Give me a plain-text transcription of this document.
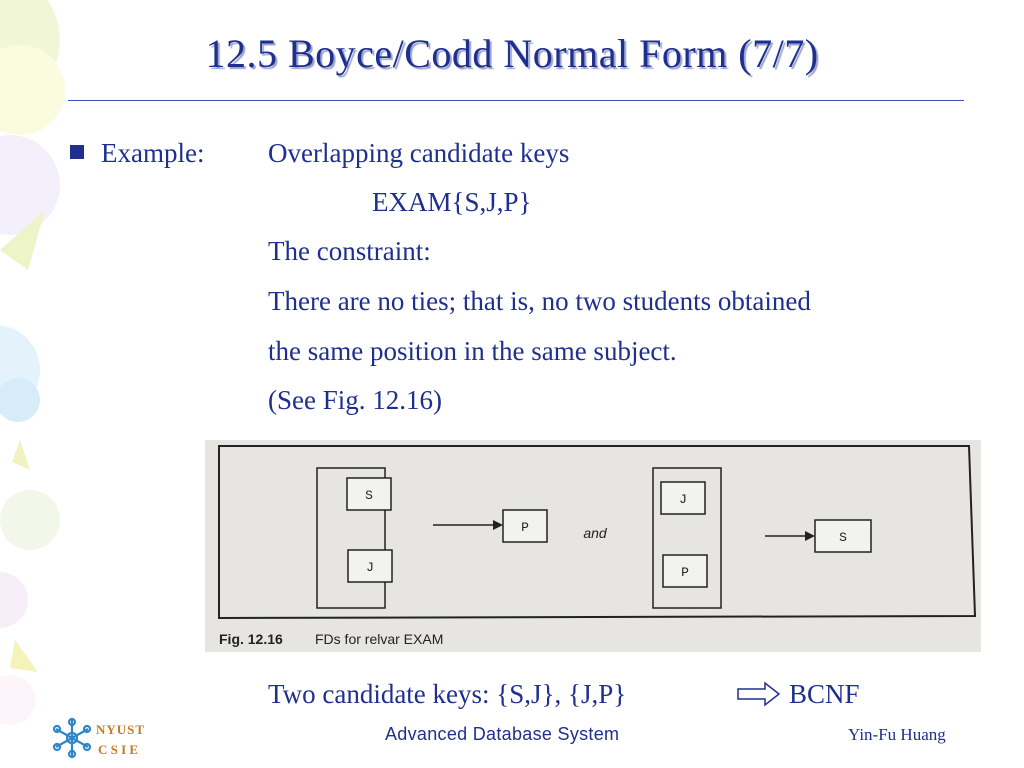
12.5 Boyce/Codd Normal Form (7/7)
Example: Overlapping candidate keys
EXAM{S,J,P}
The constraint:
There are no ties; that is, no two students obtained
the same position in the same subject.
(See Fig. 12.16)
S
J
P	and
J
P
S
Fig. 12.16 FDs for relvar EXAM
Two candidate keys: {S,J}, {J,P}	BCNF
NYUST
C S I E
Advanced Database System	Yin-Fu Huang
